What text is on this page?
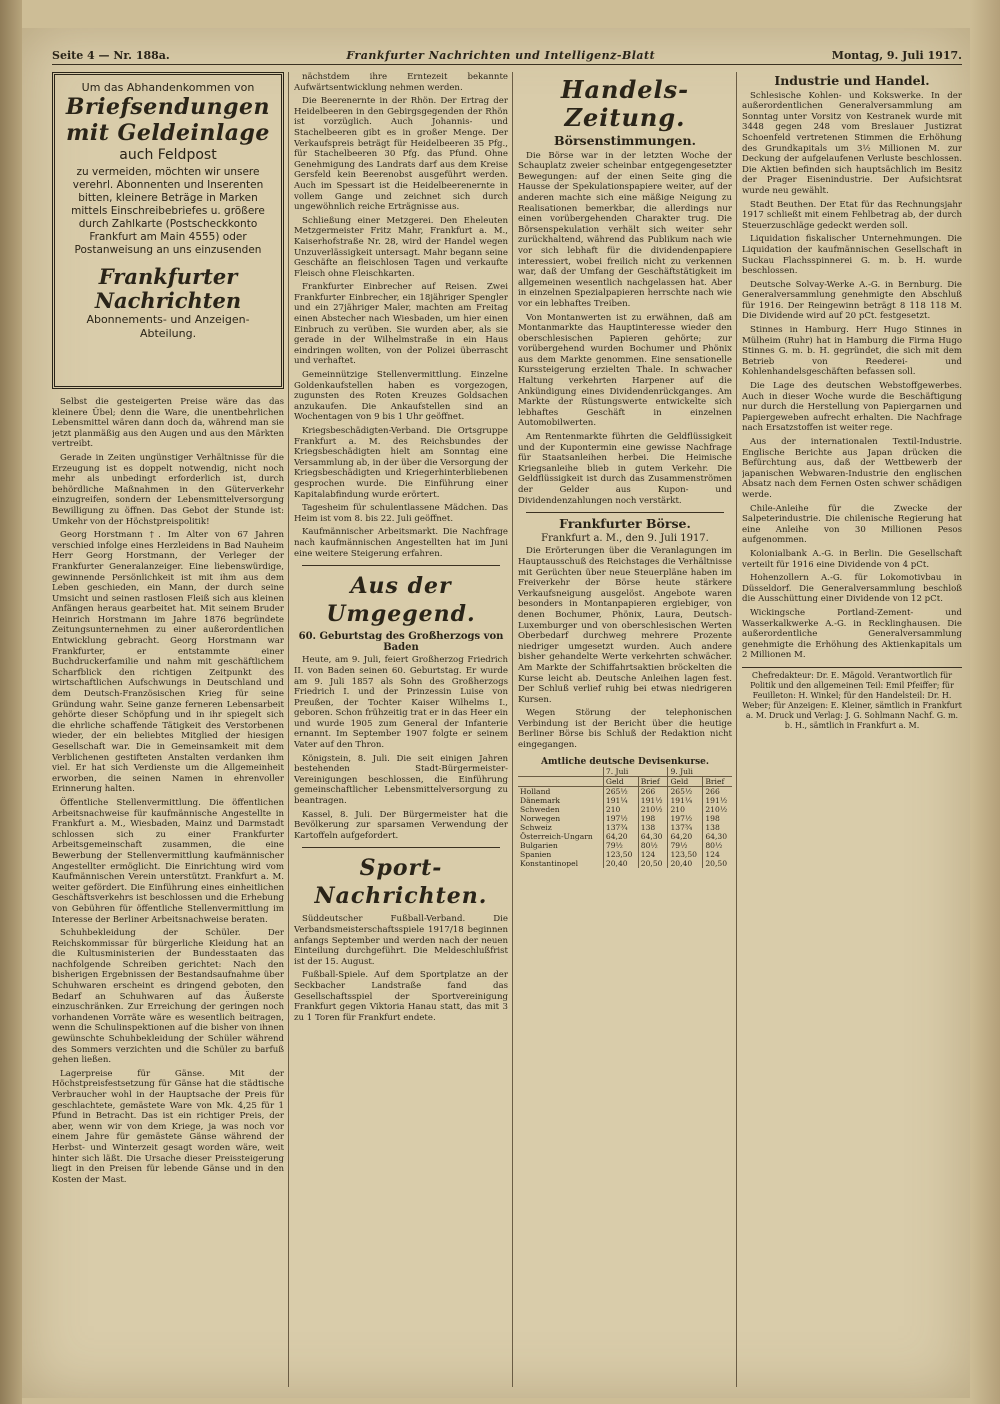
Seite 4 — Nr. 188a.	Frankfurter Nachrichten und Intelligenz-Blatt	Montag, 9. Juli 1917.
Um das Abhandenkommen von
Briefsendungen
mit Geldeinlage
auch Feldpost
zu vermeiden, möchten wir unsere verehrl. Abonnenten und Inserenten bitten, kleinere Beträge in Marken mittels Einschreibebriefes u. größere durch Zahlkarte (Postscheckkonto Frankfurt am Main 4555) oder Postanweisung an uns einzusenden
Frankfurter
Nachrichten
Abonnements- und Anzeigen-Abteilung.

Selbst die gesteigerten Preise wäre das das kleinere Übel; denn die Ware, die unentbehrlichen Lebensmittel wären dann doch da, während man sie jetzt planmäßig aus den Augen und aus den Märkten vertreibt.

Gerade in Zeiten ungünstiger Verhältnisse für die Erzeugung ist es doppelt notwendig, nicht noch mehr als unbedingt erforderlich ist, durch behördliche Maßnahmen in den Güterverkehr einzugreifen, sondern der Lebensmittelversorgung Bewilligung zu öffnen. Das Gebot der Stunde ist: Umkehr von der Höchstpreispolitik!

Georg Horstmann †. Im Alter von 67 Jahren verschied infolge eines Herzleidens in Bad Nauheim Herr Georg Horstmann, der Verleger der Frankfurter Generalanzeiger. Eine liebenswürdige, gewinnende Persönlichkeit ist mit ihm aus dem Leben geschieden, ein Mann, der durch seine Umsicht und seinen rastlosen Fleiß sich aus kleinen Anfängen heraus gearbeitet hat. Mit seinem Bruder Heinrich Horstmann im Jahre 1876 begründete Zeitungsunternehmen zu einer außerordentlichen Entwicklung gebracht. Georg Horstmann war Frankfurter, er entstammte einer Buchdruckerfamilie und nahm mit geschäftlichem Scharfblick den richtigen Zeitpunkt des wirtschaftlichen Aufschwungs in Deutschland und dem Deutsch-Französischen Krieg für seine Gründung wahr. Seine ganze ferneren Lebensarbeit gehörte dieser Schöpfung und in ihr spiegelt sich die ehrliche schaffende Tätigkeit des Verstorbenen wieder, der ein beliebtes Mitglied der hiesigen Gesellschaft war. Die in Gemeinsamkeit mit dem Verblichenen gestifteten Anstalten verdanken ihm viel. Er hat sich Verdienste um die Allgemeinheit erworben, die seinen Namen in ehrenvoller Erinnerung halten.

Öffentliche Stellenvermittlung. Die öffentlichen Arbeitsnachweise für kaufmännische Angestellte in Frankfurt a. M., Wiesbaden, Mainz und Darmstadt schlossen sich zu einer Frankfurter Arbeitsgemeinschaft zusammen, die eine Bewerbung der Stellenvermittlung kaufmännischer Angestellter ermöglicht. Die Einrichtung wird vom Kaufmännischen Verein unterstützt. Frankfurt a. M. weiter gefördert. Die Einführung eines einheitlichen Geschäftsverkehrs ist beschlossen und die Erhebung von Gebühren für öffentliche Stellenvermittlung im Interesse der Berliner Arbeitsnachweise beraten.

Schuhbekleidung der Schüler. Der Reichskommissar für bürgerliche Kleidung hat an die Kultusministerien der Bundesstaaten das nachfolgende Schreiben gerichtet: Nach den bisherigen Ergebnissen der Bestandsaufnahme über Schuhwaren erscheint es dringend geboten, den Bedarf an Schuhwaren auf das Äußerste einzuschränken. Zur Erreichung der geringen noch vorhandenen Vorräte wäre es wesentlich beitragen, wenn die Schulinspektionen auf die bisher von ihnen gewünschte Schuhbekleidung der Schüler während des Sommers verzichten und die Schüler zu barfuß gehen ließen.

Lagerpreise für Gänse. Mit der Höchstpreisfestsetzung für Gänse hat die städtische Verbraucher wohl in der Hauptsache der Preis für geschlachtete, gemästete Ware von Mk. 4,25 für 1 Pfund in Betracht. Das ist ein richtiger Preis, der aber, wenn wir von dem Kriege, ja was noch vor einem Jahre für gemästete Gänse während der Herbst- und Winterzeit gesagt worden wäre, weit hinter sich läßt. Die Ursache dieser Preissteigerung liegt in den Preisen für lebende Gänse und in den Kosten der Mast.

nächstdem ihre Erntezeit bekannte Aufwärtsentwicklung nehmen werden.

Die Beerenernte in der Rhön. Der Ertrag der Heidelbeeren in den Gebirgsgegenden der Rhön ist vorzüglich. Auch Johannis- und Stachelbeeren gibt es in großer Menge. Der Verkaufspreis beträgt für Heidelbeeren 35 Pfg., für Stachelbeeren 30 Pfg. das Pfund. Ohne Genehmigung des Landrats darf aus dem Kreise Gersfeld kein Beerenobst ausgeführt werden. Auch im Spessart ist die Heidelbeerenernte in vollem Gange und zeichnet sich durch ungewöhnlich reiche Erträgnisse aus.

Schließung einer Metzgerei. Den Eheleuten Metzgermeister Fritz Mahr, Frankfurt a. M., Kaiserhofstraße Nr. 28, wird der Handel wegen Unzuverlässigkeit untersagt. Mahr begann seine Geschäfte an fleischlosen Tagen und verkaufte Fleisch ohne Fleischkarten.

Frankfurter Einbrecher auf Reisen. Zwei Frankfurter Einbrecher, ein 18jähriger Spengler und ein 27jähriger Maler, machten am Freitag einen Abstecher nach Wiesbaden, um hier einen Einbruch zu verüben. Sie wurden aber, als sie gerade in der Wilhelmstraße in ein Haus eindringen wollten, von der Polizei überrascht und verhaftet.

Gemeinnützige Stellenvermittlung. Einzelne Goldenkaufstellen haben es vorgezogen, zugunsten des Roten Kreuzes Goldsachen anzukaufen. Die Ankaufstellen sind an Wochentagen von 9 bis 1 Uhr geöffnet.

Kriegsbeschädigten-Verband. Die Ortsgruppe Frankfurt a. M. des Reichsbundes der Kriegsbeschädigten hielt am Sonntag eine Versammlung ab, in der über die Versorgung der Kriegsbeschädigten und Kriegerhinterbliebenen gesprochen wurde. Die Einführung einer Kapitalabfindung wurde erörtert.

Tagesheim für schulentlassene Mädchen. Das Heim ist vom 8. bis 22. Juli geöffnet.

Kaufmännischer Arbeitsmarkt. Die Nachfrage nach kaufmännischen Angestellten hat im Juni eine weitere Steigerung erfahren.

Aus der Umgegend.
60. Geburtstag des Großherzogs von Baden

Heute, am 9. Juli, feiert Großherzog Friedrich II. von Baden seinen 60. Geburtstag. Er wurde am 9. Juli 1857 als Sohn des Großherzogs Friedrich I. und der Prinzessin Luise von Preußen, der Tochter Kaiser Wilhelms I., geboren. Schon frühzeitig trat er in das Heer ein und wurde 1905 zum General der Infanterie ernannt. Im September 1907 folgte er seinem Vater auf den Thron.

Königstein, 8. Juli. Die seit einigen Jahren bestehenden Stadt-Bürgermeister-Vereinigungen beschlossen, die Einführung gemeinschaftlicher Lebensmittelversorgung zu beantragen.

Kassel, 8. Juli. Der Bürgermeister hat die Bevölkerung zur sparsamen Verwendung der Kartoffeln aufgefordert.

Sport-Nachrichten.

Süddeutscher Fußball-Verband. Die Verbandsmeisterschaftsspiele 1917/18 beginnen anfangs September und werden nach der neuen Einteilung durchgeführt. Die Meldeschlußfrist ist der 15. August.

Fußball-Spiele. Auf dem Sportplatze an der Seckbacher Landstraße fand das Gesellschaftsspiel der Sportvereinigung Frankfurt gegen Viktoria Hanau statt, das mit 3 zu 1 Toren für Frankfurt endete.

Handels-Zeitung.
Börsenstimmungen.

Die Börse war in der letzten Woche der Schauplatz zweier scheinbar entgegengesetzter Bewegungen: auf der einen Seite ging die Hausse der Spekulationspapiere weiter, auf der anderen machte sich eine mäßige Neigung zu Realisationen bemerkbar, die allerdings nur einen vorübergehenden Charakter trug. Die Börsenspekulation verhält sich weiter sehr zurückhaltend, während das Publikum nach wie vor sich lebhaft für die dividendenpapiere interessiert, wobei freilich nicht zu verkennen war, daß der Umfang der Geschäftstätigkeit im allgemeinen wesentlich nachgelassen hat. Aber in einzelnen Spezialpapieren herrschte nach wie vor ein lebhaftes Treiben.

Von Montanwerten ist zu erwähnen, daß am Montanmarkte das Hauptinteresse wieder den oberschlesischen Papieren gehörte; zur vorübergehend wurden Bochumer und Phönix aus dem Markte genommen. Eine sensationelle Kurssteigerung erzielten Thale. In schwacher Haltung verkehrten Harpener auf die Ankündigung eines Dividendenrückganges. Am Markte der Rüstungswerte entwickelte sich lebhaftes Geschäft in einzelnen Automobilwerten.

Am Rentenmarkte führten die Geldflüssigkeit und der Kupontermin eine gewisse Nachfrage für Staatsanleihen herbei. Die Heimische Kriegsanleihe blieb in gutem Verkehr. Die Geldflüssigkeit ist durch das Zusammenströmen der Gelder aus Kupon- und Dividendenzahlungen noch verstärkt.

Frankfurter Börse.
Frankfurt a. M., den 9. Juli 1917.

Die Erörterungen über die Veranlagungen im Hauptausschuß des Reichstages die Verhältnisse mit Gerüchten über neue Steuerpläne haben im Freiverkehr der Börse heute stärkere Verkaufsneigung ausgelöst. Angebote waren besonders in Montanpapieren ergiebiger, von denen Bochumer, Phönix, Laura, Deutsch-Luxemburger und von oberschlesischen Werten Oberbedarf durchweg mehrere Prozente niedriger umgesetzt wurden. Auch andere bisher gehandelte Werte verkehrten schwächer. Am Markte der Schiffahrtsaktien bröckelten die Kurse leicht ab. Deutsche Anleihen lagen fest. Der Schluß verlief ruhig bei etwas niedrigeren Kursen.

Wegen Störung der telephonischen Verbindung ist der Bericht über die heutige Berliner Börse bis Schluß der Redaktion nicht eingegangen.

Amtliche deutsche Devisenkurse.
	7. Juli		9. Juli	
	Geld	Brief	Geld	Brief
Holland	265½	266	265½	266
Dänemark	191¼	191½	191¼	191½
Schweden	210	210½	210	210½
Norwegen	197½	198	197½	198
Schweiz	137¾	138	137¾	138
Österreich-Ungarn	64,20	64,30	64,20	64,30
Bulgarien	79½	80½	79½	80½
Spanien	123,50	124	123,50	124
Konstantinopel	20,40	20,50	20,40	20,50
Industrie und Handel.

Schlesische Kohlen- und Kokswerke. In der außerordentlichen Generalversammlung am Sonntag unter Vorsitz von Kestranek wurde mit 3448 gegen 248 vom Breslauer Justizrat Schoenfeld vertretenen Stimmen die Erhöhung des Grundkapitals um 3½ Millionen M. zur Deckung der aufgelaufenen Verluste beschlossen. Die Aktien befinden sich hauptsächlich im Besitz der Prager Eisenindustrie. Der Aufsichtsrat wurde neu gewählt.

Stadt Beuthen. Der Etat für das Rechnungsjahr 1917 schließt mit einem Fehlbetrag ab, der durch Steuerzuschläge gedeckt werden soll.

Liquidation fiskalischer Unternehmungen. Die Liquidation der kaufmännischen Gesellschaft in Suckau Flachsspinnerei G. m. b. H. wurde beschlossen.

Deutsche Solvay-Werke A.-G. in Bernburg. Die Generalversammlung genehmigte den Abschluß für 1916. Der Reingewinn beträgt 8 118 118 M. Die Dividende wird auf 20 pCt. festgesetzt.

Stinnes in Hamburg. Herr Hugo Stinnes in Mülheim (Ruhr) hat in Hamburg die Firma Hugo Stinnes G. m. b. H. gegründet, die sich mit dem Betrieb von Reederei- und Kohlenhandelsgeschäften befassen soll.

Die Lage des deutschen Webstoffgewerbes. Auch in dieser Woche wurde die Beschäftigung nur durch die Herstellung von Papiergarnen und Papiergeweben aufrecht erhalten. Die Nachfrage nach Ersatzstoffen ist weiter rege.

Aus der internationalen Textil-Industrie. Englische Berichte aus Japan drücken die Befürchtung aus, daß der Wettbewerb der japanischen Webwaren-Industrie den englischen Absatz nach dem Fernen Osten schwer schädigen werde.

Chile-Anleihe für die Zwecke der Salpeterindustrie. Die chilenische Regierung hat eine Anleihe von 30 Millionen Pesos aufgenommen.

Kolonialbank A.-G. in Berlin. Die Gesellschaft verteilt für 1916 eine Dividende von 4 pCt.

Hohenzollern A.-G. für Lokomotivbau in Düsseldorf. Die Generalversammlung beschloß die Ausschüttung einer Dividende von 12 pCt.

Wickingsche Portland-Zement- und Wasserkalkwerke A.-G. in Recklinghausen. Die außerordentliche Generalversammlung genehmigte die Erhöhung des Aktienkapitals um 2 Millionen M.

Chefredakteur: Dr. E. Mägold. Verantwortlich für Politik und den allgemeinen Teil: Emil Pfeiffer; für Feuilleton: H. Winkel; für den Handelsteil: Dr. H. Weber; für Anzeigen: E. Kleiner, sämtlich in Frankfurt a. M. Druck und Verlag: J. G. Sohlmann Nachf. G. m. b. H., sämtlich in Frankfurt a. M.
